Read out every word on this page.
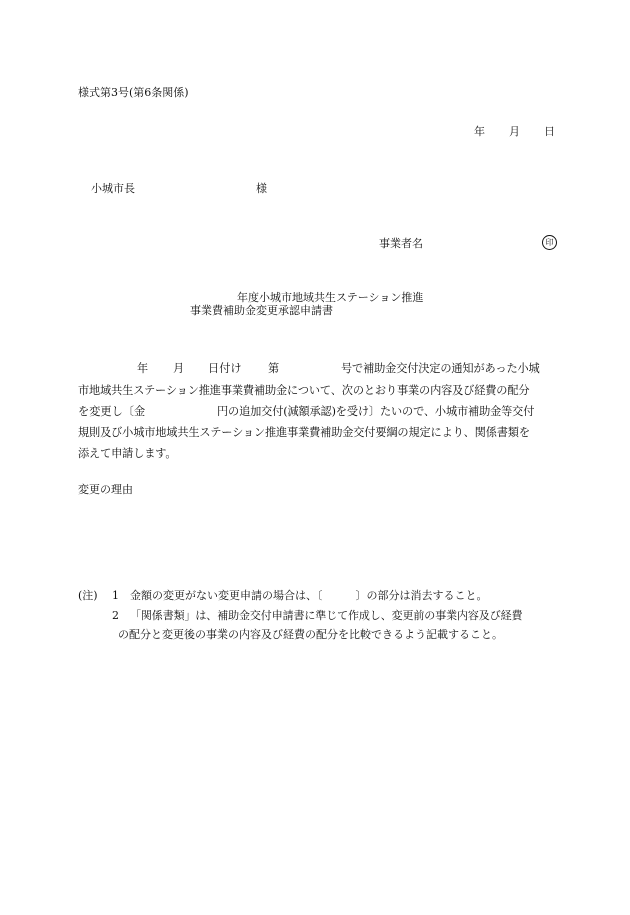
様式第3号(第6条関係)
年 月 日
小城市長	様
事業者名	印
年度小城市地域共生ステーション推進
事業費補助金変更承認申請書
年 月 日付け 第	号で補助金交付決定の通知があった小城
市地域共生ステーション推進事業費補助金について、次のとおり事業の内容及び経費の配分
を変更し〔金	円の追加交付(減額承認)を受け〕たいので、小城市補助金等交付
規則及び小城市地域共生ステーション推進事業費補助金交付要綱の規定により、関係書類を
添えて申請します。
変更の理由
(注) 1 金額の変更がない変更申請の場合は、〔　　　〕の部分は消去すること。
2 「関係書類」は、補助金交付申請書に準じて作成し、変更前の事業内容及び経費
の配分と変更後の事業の内容及び経費の配分を比較できるよう記載すること。
